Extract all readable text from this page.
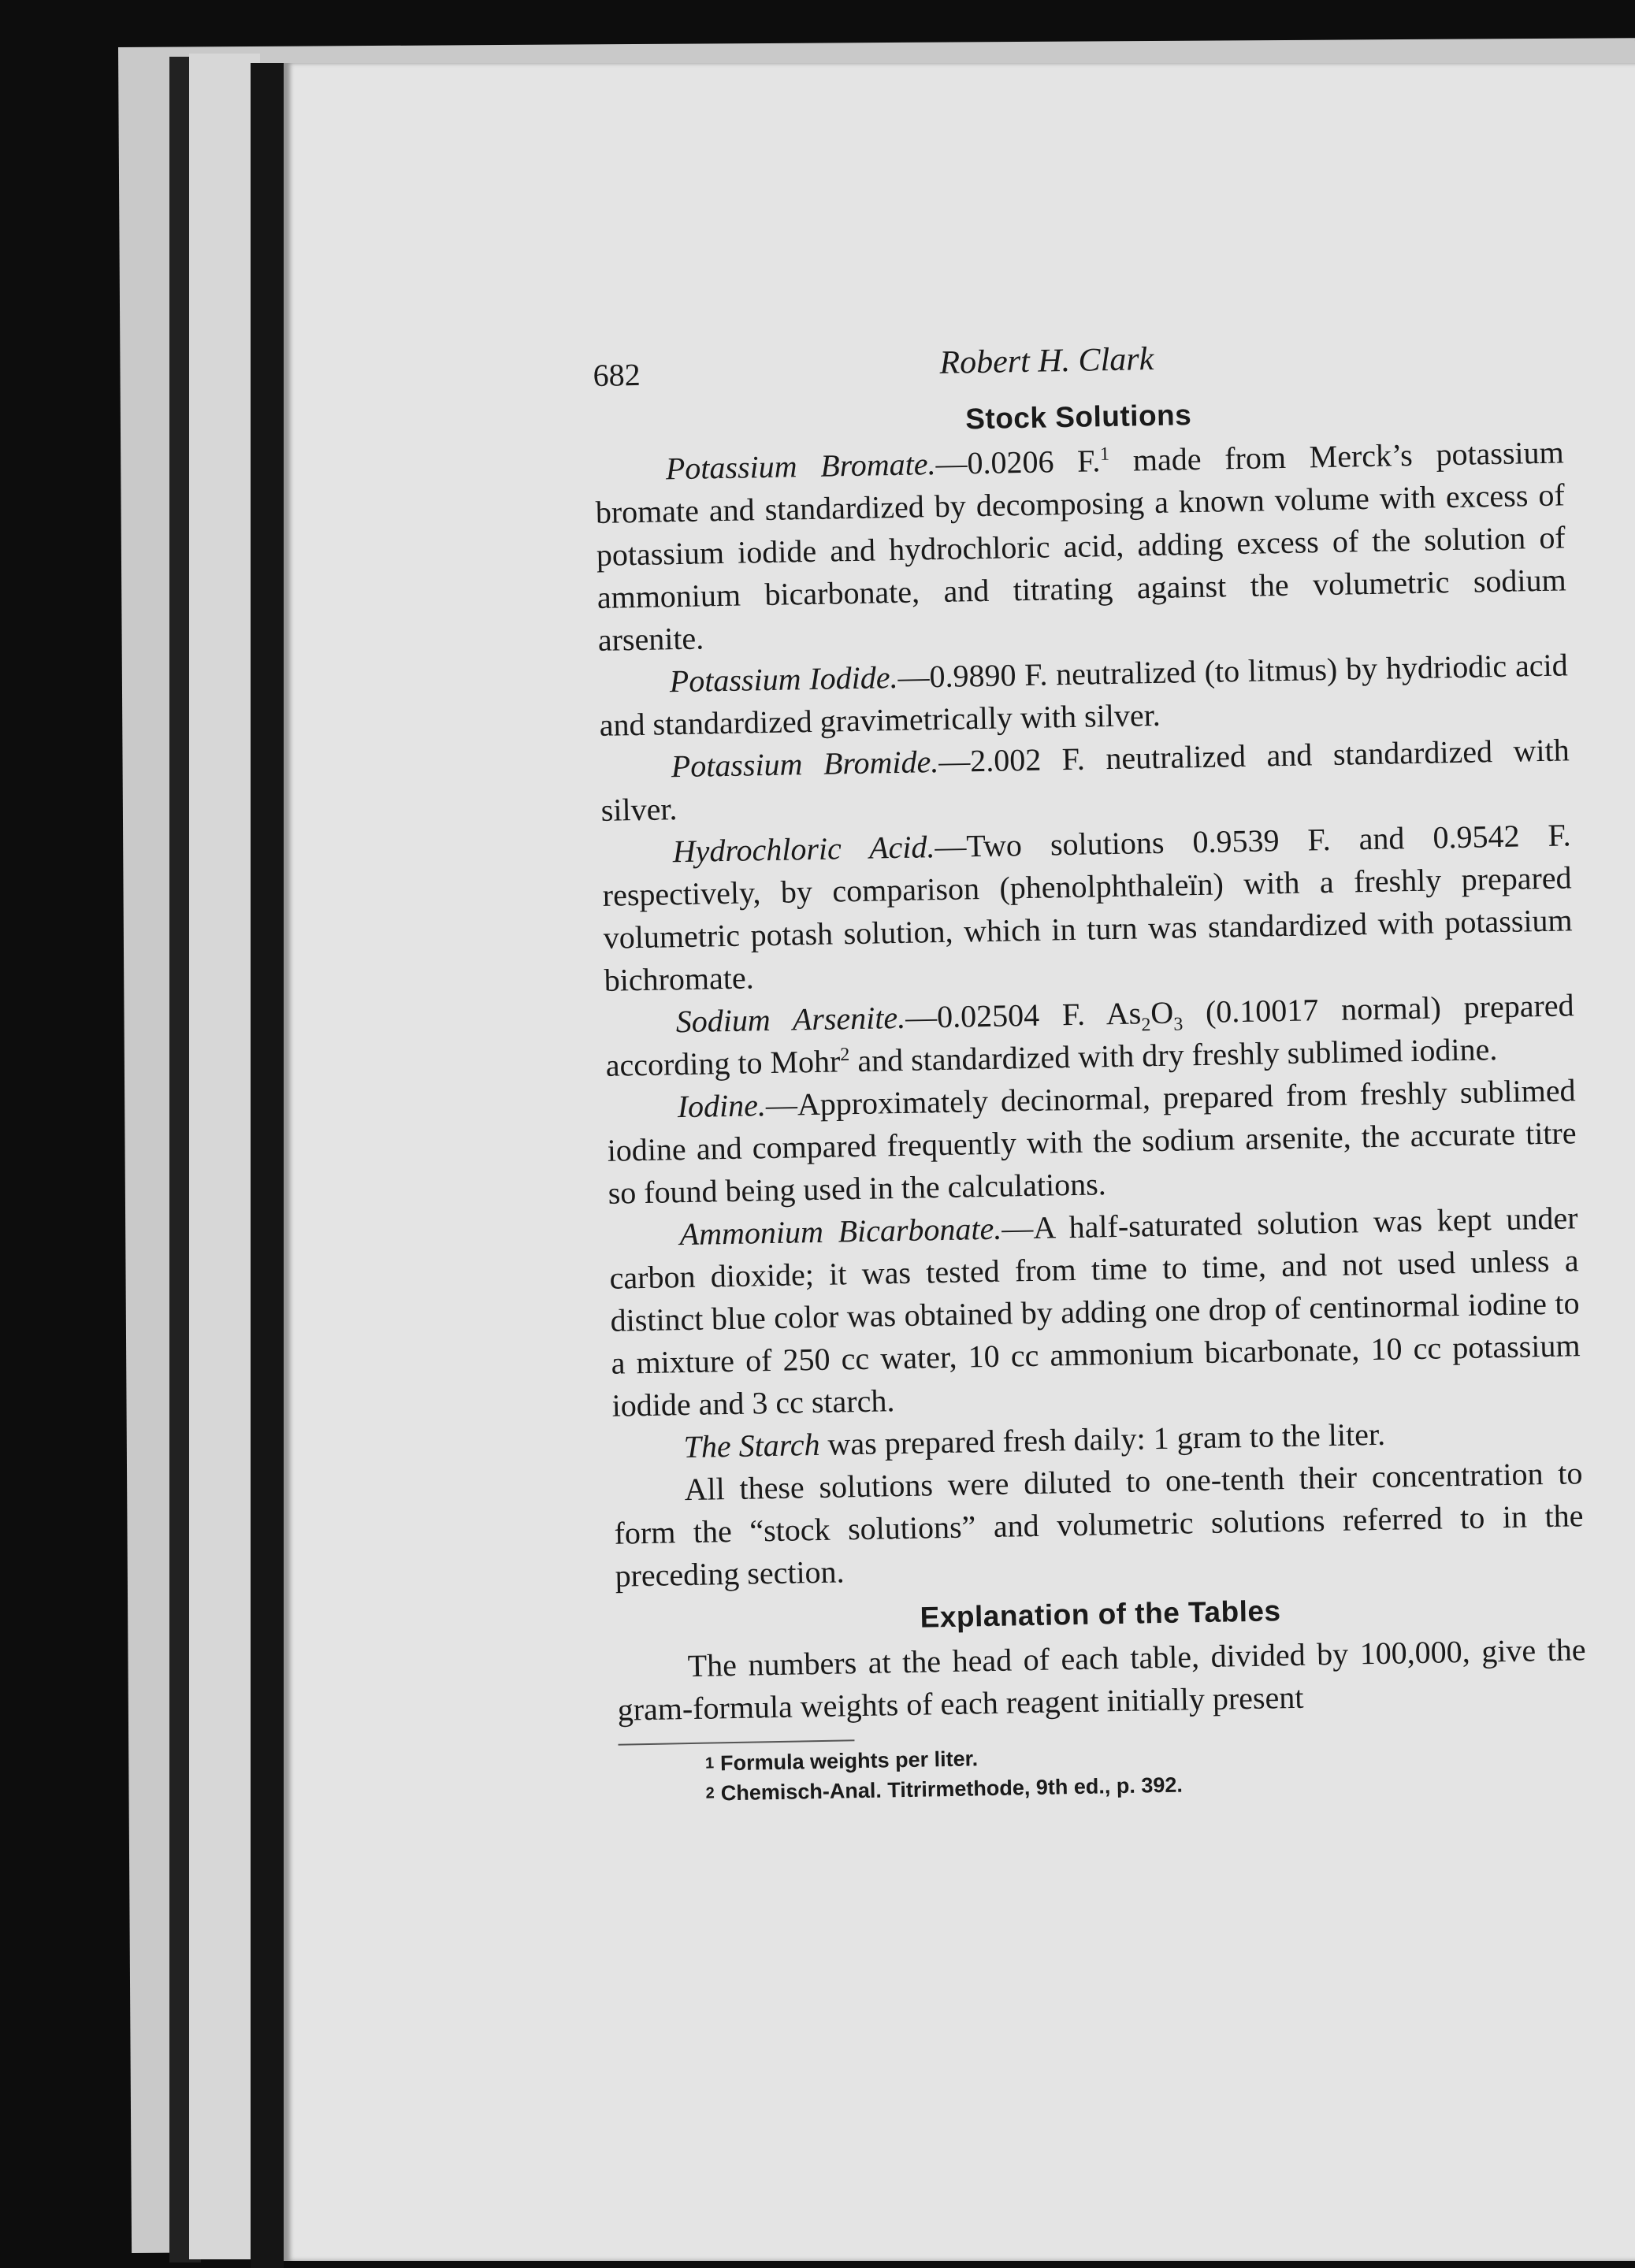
682	Robert H. Clark
Stock Solutions

Potassium Bromate.—0.0206 F.$^1$ made from Merck’s potassium bromate and standardized by decomposing a known volume with excess of potassium iodide and hydrochloric acid, adding excess of the solution of ammonium bicarbonate, and titrating against the volumetric sodium arsenite.

Potassium Iodide.—0.9890 F. neutralized (to litmus) by hydriodic acid and standardized gravimetrically with silver.

Potassium Bromide.—2.002 F. neutralized and standardized with silver.

Hydrochloric Acid.—Two solutions 0.9539 F. and 0.9542 F. respectively, by comparison (phenolphthaleïn) with a freshly prepared volumetric potash solution, which in turn was standardized with potassium bichromate.

Sodium Arsenite.—0.02504 F. $As_2O_3$ (0.10017 normal) prepared according to Mohr$^2$ and standardized with dry freshly sublimed iodine.

Iodine.—Approximately decinormal, prepared from freshly sublimed iodine and compared frequently with the sodium arsenite, the accurate titre so found being used in the calculations.

Ammonium Bicarbonate.—A half-saturated solution was kept under carbon dioxide; it was tested from time to time, and not used unless a distinct blue color was obtained by adding one drop of centinormal iodine to a mixture of 250 cc water, 10 cc ammonium bicarbonate, 10 cc potassium iodide and 3 cc starch.

The Starch was prepared fresh daily: 1 gram to the liter.

All these solutions were diluted to one-tenth their concentration to form the “stock solutions” and volumetric solutions referred to in the preceding section.

Explanation of the Tables

The numbers at the head of each table, divided by 100,000, give the gram-formula weights of each reagent initially present

$^1$ Formula weights per liter.
$^2$ Chemisch-Anal. Titrirmethode, 9th ed., p. 392.
